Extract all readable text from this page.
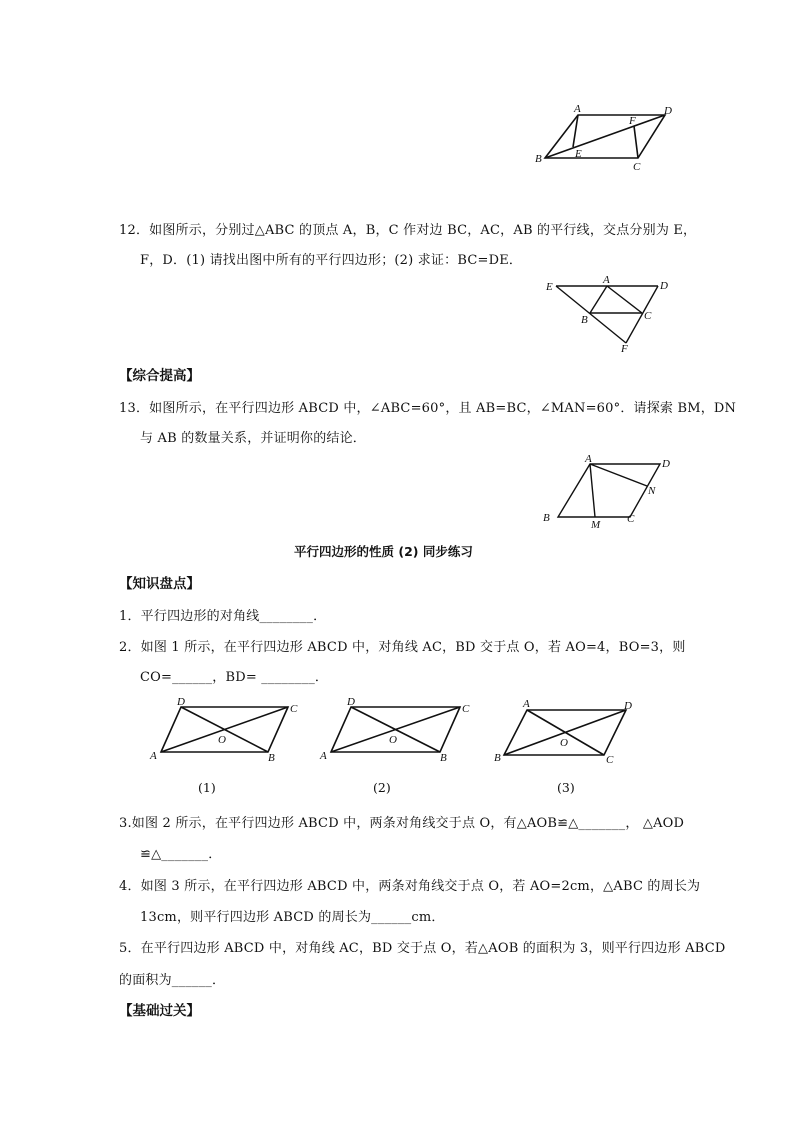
A	D
F
B	E
C
12．如图所示，分别过△ABC 的顶点 A，B，C 作对边 BC，AC，AB 的平行线，交点分别为 E，
F，D．(1) 请找出图中所有的平行四边形；(2) 求证：BC=DE．
E
A	D
B	C
F
【综合提高】
13．如图所示，在平行四边形 ABCD 中，∠ABC=60°，且 AB=BC，∠MAN=60°．请探索 BM，DN
与 AB 的数量关系，并证明你的结论．
A	D
N
B
M C
平行四边形的性质 (2) 同步练习
【知识盘点】
1．平行四边形的对角线________．
2．如图 1 所示，在平行四边形 ABCD 中，对角线 AC，BD 交于点 O，若 AO=4，BO=3，则
CO=______，BD= ________．
D
C
A	B
O
(1)
D
C
A	B
O
(2)
A	D
B	C
O
(3)
3.如图 2 所示，在平行四边形 ABCD 中，两条对角线交于点 O，有△AOB≌△_______， △AOD
≌△_______．
4．如图 3 所示，在平行四边形 ABCD 中，两条对角线交于点 O，若 AO=2cm，△ABC 的周长为
13cm，则平行四边形 ABCD 的周长为______cm．
5．在平行四边形 ABCD 中，对角线 AC，BD 交于点 O，若△AOB 的面积为 3，则平行四边形 ABCD
的面积为______．
【基础过关】
